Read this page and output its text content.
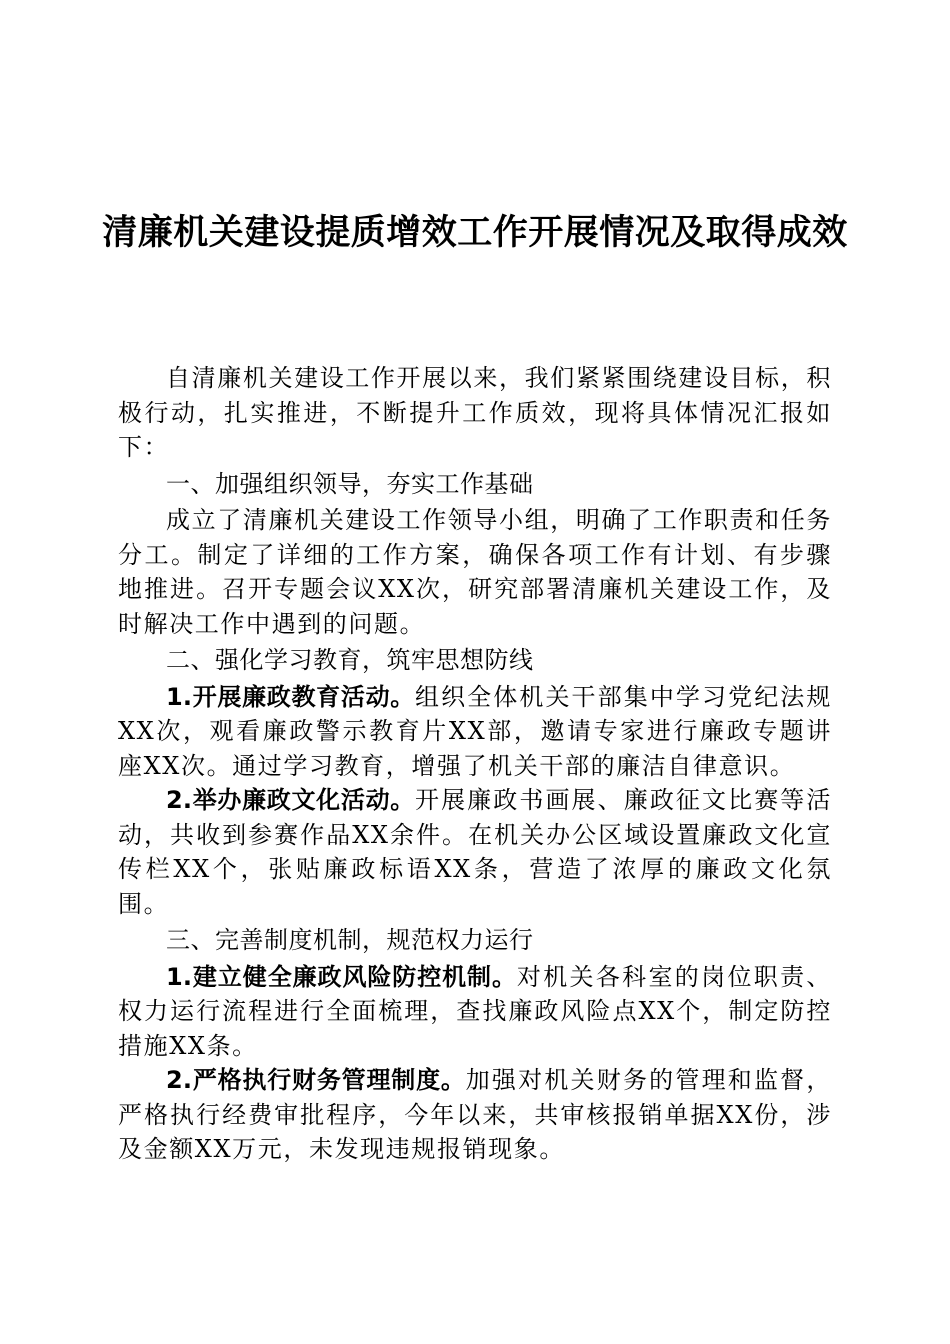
清廉机关建设提质增效工作开展情况及取得成效

自清廉机关建设工作开展以来，我们紧紧围绕建设目标，积极行动，扎实推进，不断提升工作质效，现将具体情况汇报如下：

一、加强组织领导，夯实工作基础

成立了清廉机关建设工作领导小组，明确了工作职责和任务分工。制定了详细的工作方案，确保各项工作有计划、有步骤地推进。召开专题会议XX次，研究部署清廉机关建设工作，及时解决工作中遇到的问题。

二、强化学习教育，筑牢思想防线

1.开展廉政教育活动。组织全体机关干部集中学习党纪法规XX次，观看廉政警示教育片XX部，邀请专家进行廉政专题讲座XX次。通过学习教育，增强了机关干部的廉洁自律意识。

2.举办廉政文化活动。开展廉政书画展、廉政征文比赛等活动，共收到参赛作品XX余件。在机关办公区域设置廉政文化宣传栏XX个，张贴廉政标语XX条，营造了浓厚的廉政文化氛围。

三、完善制度机制，规范权力运行

1.建立健全廉政风险防控机制。对机关各科室的岗位职责、权力运行流程进行全面梳理，查找廉政风险点XX个，制定防控措施XX条。

2.严格执行财务管理制度。加强对机关财务的管理和监督，严格执行经费审批程序，今年以来，共审核报销单据XX份，涉及金额XX万元，未发现违规报销现象。
